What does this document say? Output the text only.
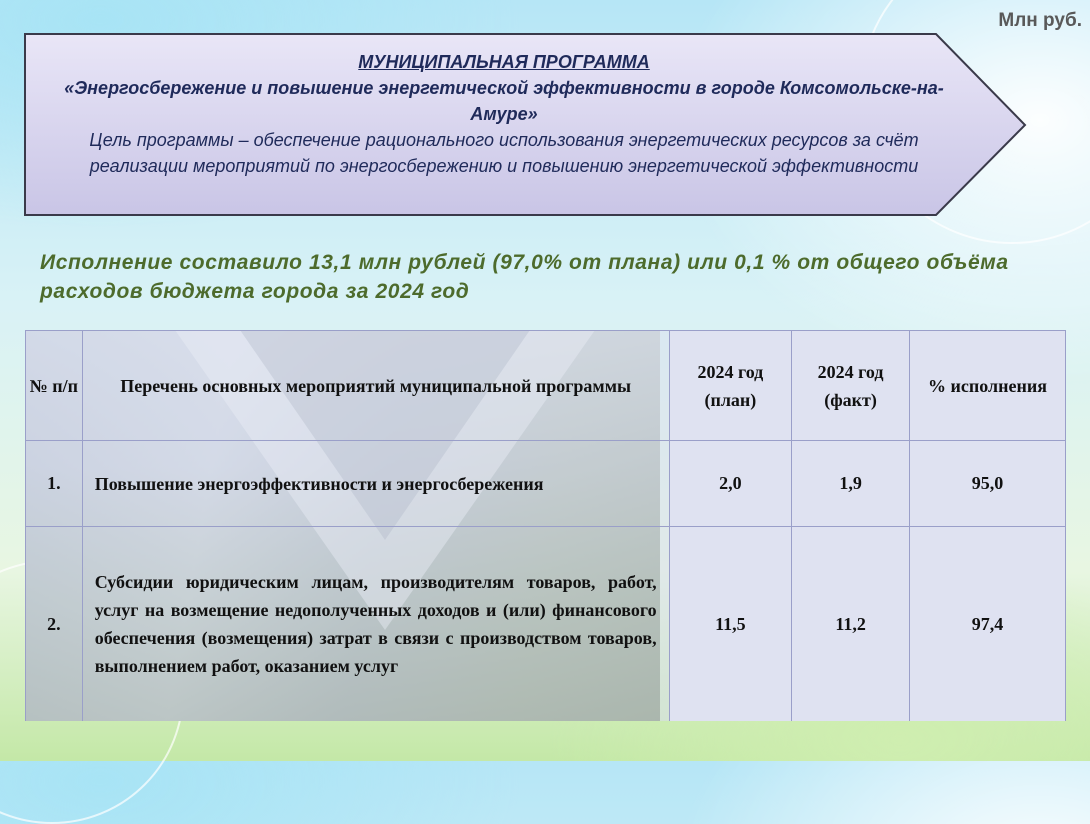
Млн руб.
МУНИЦИПАЛЬНАЯ ПРОГРАММА
«Энергосбережение и повышение энергетической эффективности в городе Комсомольске-на-Амуре»
Цель программы – обеспечение рационального использования энергетических ресурсов за счёт реализации мероприятий по энергосбережению и повышению энергетической эффективности
Исполнение составило 13,1 млн рублей (97,0% от плана) или 0,1 % от общего объёма расходов бюджета города за 2024 год
№ п/п	Перечень основных мероприятий муниципальной программы	2024 год (план)	2024 год (факт)	% исполнения
1.	Повышение энергоэффективности и энергосбережения	2,0	1,9	95,0
2.	Субсидии юридическим лицам, производителям товаров, работ, услуг на возмещение недополученных доходов и (или) финансового обеспечения (возмещения) затрат в связи с производством товаров, выполнением работ, оказанием услуг	11,5	11,2	97,4
